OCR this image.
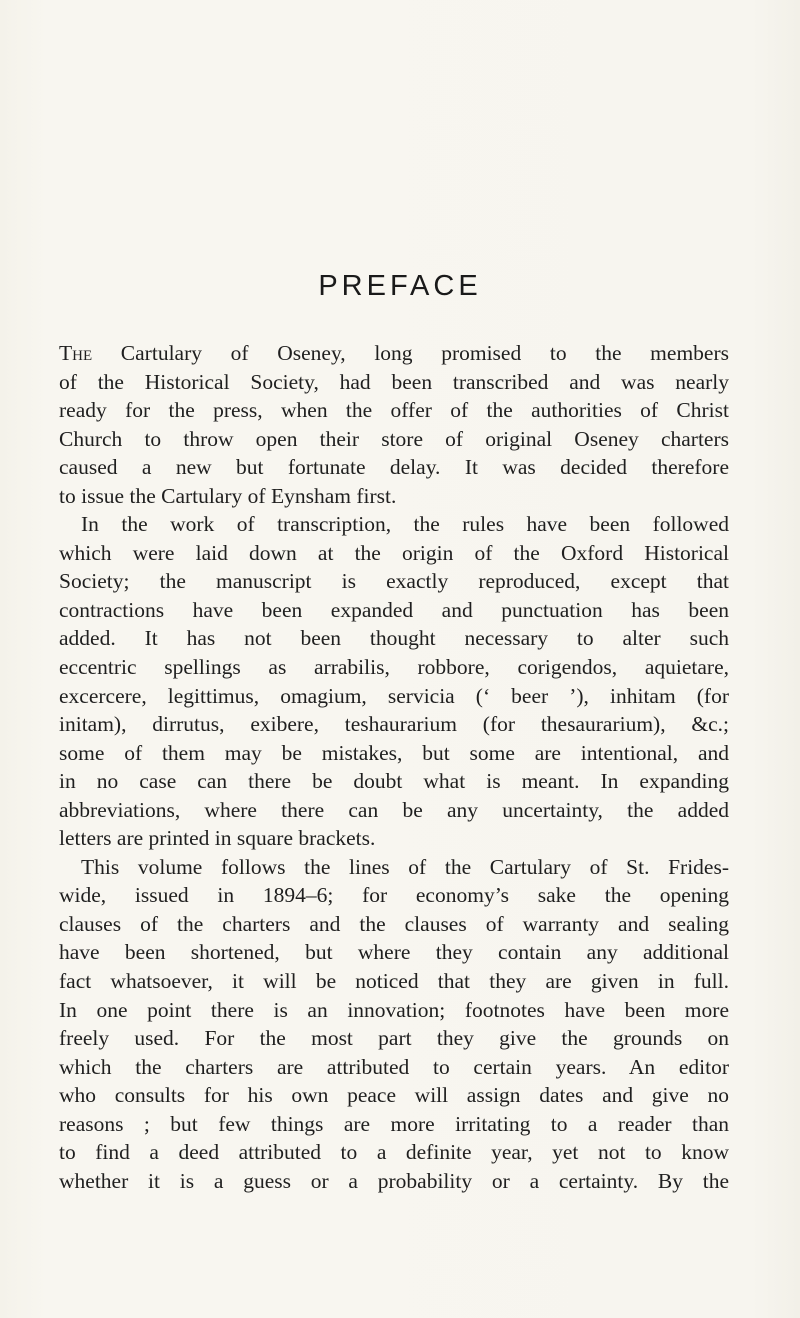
PREFACE
The Cartulary of Oseney, long promised to the members
of the Historical Society, had been transcribed and was nearly
ready for the press, when the offer of the authorities of Christ
Church to throw open their store of original Oseney charters
caused a new but fortunate delay. It was decided therefore
to issue the Cartulary of Eynsham first.
In the work of transcription, the rules have been followed
which were laid down at the origin of the Oxford Historical
Society; the manuscript is exactly reproduced, except that
contractions have been expanded and punctuation has been
added. It has not been thought necessary to alter such
eccentric spellings as arrabilis, robbore, corigendos, aquietare,
excercere, legittimus, omagium, servicia (‘ beer ’), inhitam (for
initam), dirrutus, exibere, teshaurarium (for thesaurarium), &c.;
some of them may be mistakes, but some are intentional, and
in no case can there be doubt what is meant. In expanding
abbreviations, where there can be any uncertainty, the added
letters are printed in square brackets.
This volume follows the lines of the Cartulary of St. Frides-
wide, issued in 1894–6; for economy’s sake the opening
clauses of the charters and the clauses of warranty and sealing
have been shortened, but where they contain any additional
fact whatsoever, it will be noticed that they are given in full.
In one point there is an innovation; footnotes have been more
freely used. For the most part they give the grounds on
which the charters are attributed to certain years. An editor
who consults for his own peace will assign dates and give no
reasons ; but few things are more irritating to a reader than
to find a deed attributed to a definite year, yet not to know
whether it is a guess or a probability or a certainty. By the
